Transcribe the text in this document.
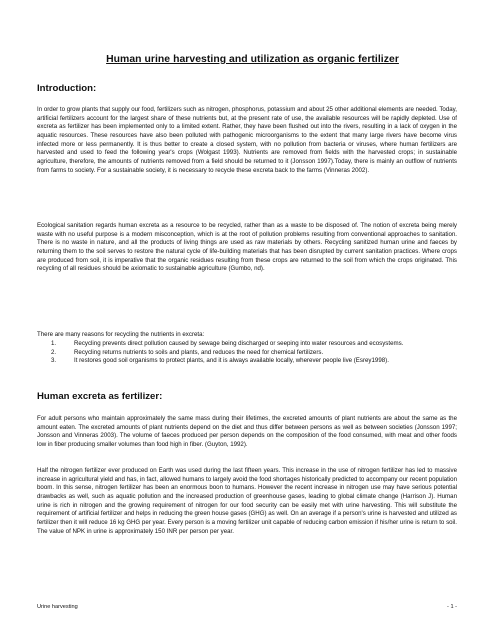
Human urine harvesting and utilization as organic fertilizer
Introduction:

In order to grow plants that supply our food, fertilizers such as nitrogen, phosphorus, potassium and about 25 other additional elements are needed. Today, artificial fertilizers account for the largest share of these nutrients but, at the present rate of use, the available resources will be rapidly depleted. Use of excreta as fertilizer has been implemented only to a limited extent. Rather, they have been flushed out into the rivers, resulting in a lack of oxygen in the aquatic resources. These resources have also been polluted with pathogenic microorganisms to the extent that many large rivers have become virus infected more or less permanently. It is thus better to create a closed system, with no pollution from bacteria or viruses, where human fertilizers are harvested and used to feed the following year's crops (Wolgast 1993). Nutrients are removed from fields with the harvested crops; in sustainable agriculture, therefore, the amounts of nutrients removed from a field should be returned to it (Jonsson 1997).Today, there is mainly an outflow of nutrients from farms to society. For a sustainable society, it is necessary to recycle these excreta back to the farms (Vinneras 2002).

Ecological sanitation regards human excreta as a resource to be recycled, rather than as a waste to be disposed of. The notion of excreta being merely waste with no useful purpose is a modern misconception, which is at the root of pollution problems resulting from conventional approaches to sanitation. There is no waste in nature, and all the products of living things are used as raw materials by others. Recycling sanitized human urine and faeces by returning them to the soil serves to restore the natural cycle of life-building materials that has been disrupted by current sanitation practices. Where crops are produced from soil, it is imperative that the organic residues resulting from these crops are returned to the soil from which the crops originated. This recycling of all residues should be axiomatic to sustainable agriculture (Gumbo, nd).

There are many reasons for recycling the nutrients in excreta:

1.	Recycling prevents direct pollution caused by sewage being discharged or seeping into water resources and ecosystems.
2.	Recycling returns nutrients to soils and plants, and reduces the need for chemical fertilizers.
3.	It restores good soil organisms to protect plants, and it is always available locally, wherever people live (Esrey1998).
Human excreta as fertilizer:

For adult persons who maintain approximately the same mass during their lifetimes, the excreted amounts of plant nutrients are about the same as the amount eaten. The excreted amounts of plant nutrients depend on the diet and thus differ between persons as well as between societies (Jonsson 1997; Jonsson and Vinneras 2003). The volume of faeces produced per person depends on the composition of the food consumed, with meat and other foods low in fiber producing smaller volumes than food high in fiber. (Guyton, 1992).

Half the nitrogen fertilizer ever produced on Earth was used during the last fifteen years. This increase in the use of nitrogen fertilizer has led to massive increase in agricultural yield and has, in fact, allowed humans to largely avoid the food shortages historically predicted to accompany our recent population boom. In this sense, nitrogen fertilizer has been an enormous boon to humans. However the recent increase in nitrogen use may have serious potential drawbacks as well, such as aquatic pollution and the increased production of greenhouse gases, leading to global climate change (Harrison J). Human urine is rich in nitrogen and the growing requirement of nitrogen for our food security can be easily met with urine harvesting. This will substitute the requirement of artificial fertilizer and helps in reducing the green house gases (GHG) as well. On an average if a person's urine is harvested and utilized as fertilizer then it will reduce 16 kg GHG per year. Every person is a moving fertilizer unit capable of reducing carbon emission if his/her urine is return to soil. The value of NPK in urine is approximately 150 INR per person per year.

Urine harvesting	- 1 -
